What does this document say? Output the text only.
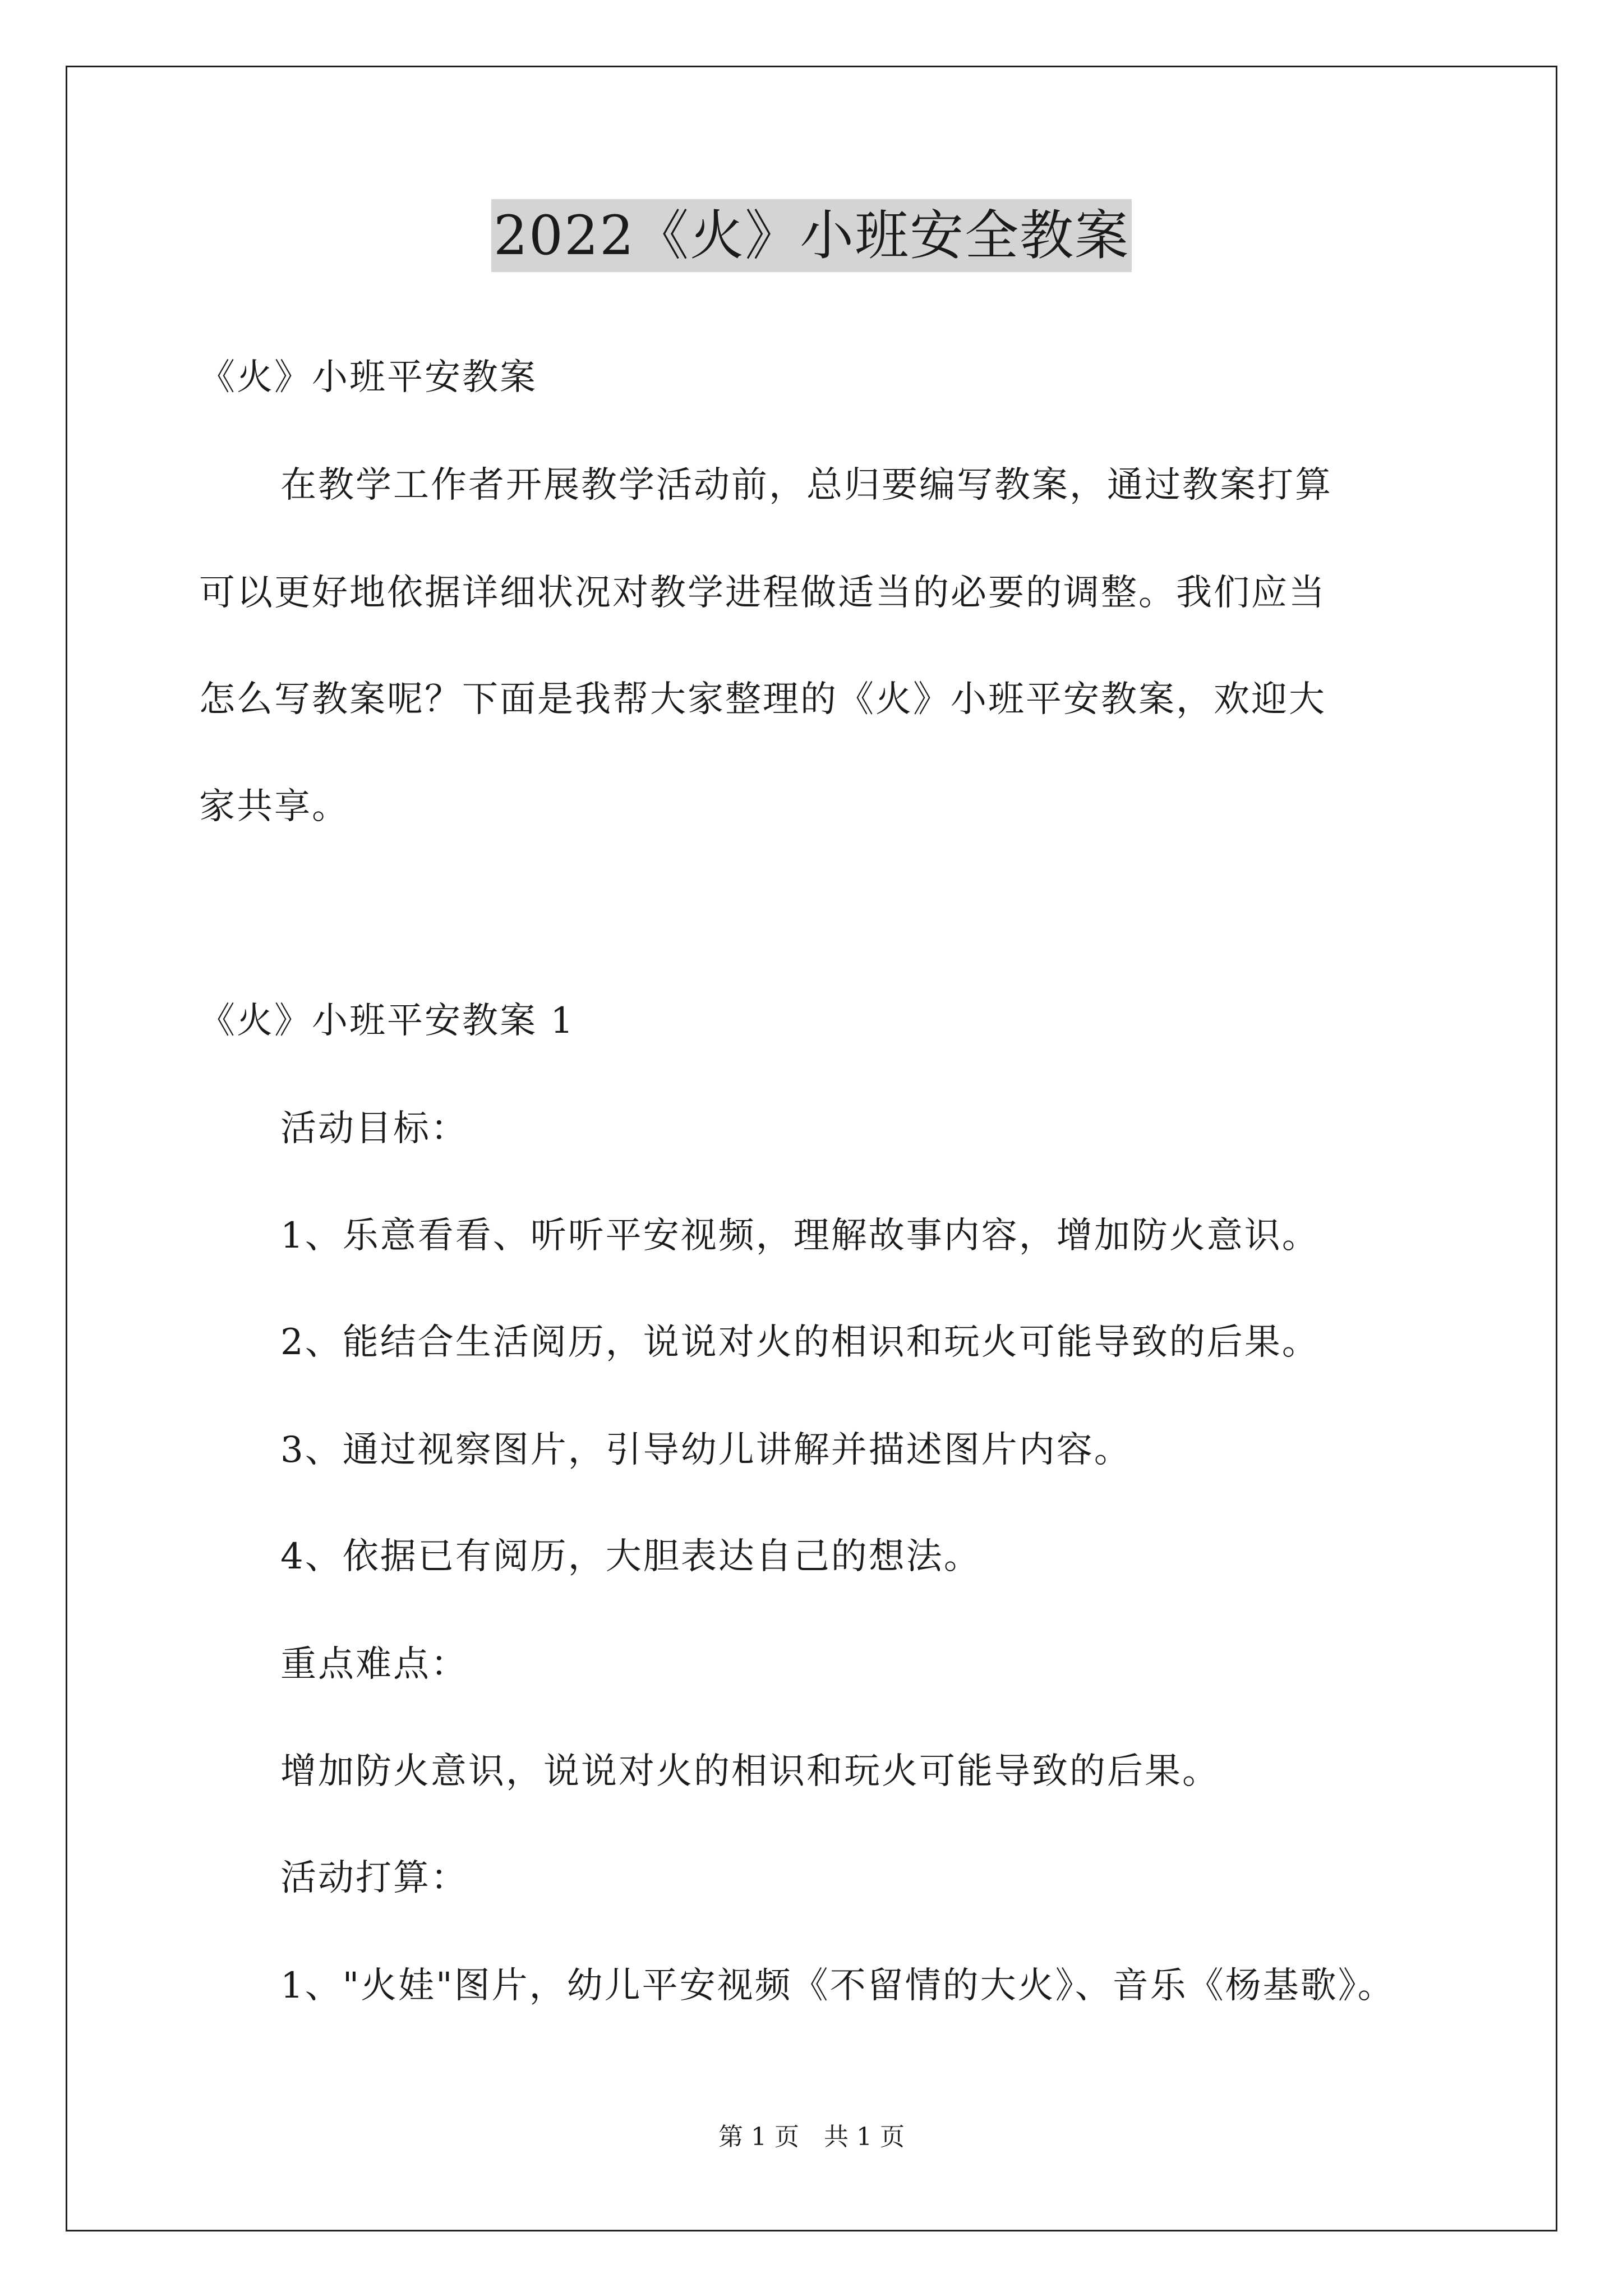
2022《火》小班安全教案
《火》小班平安教案
在教学工作者开展教学活动前，总归要编写教案，通过教案打算
可以更好地依据详细状况对教学进程做适当的必要的调整。我们应当
怎么写教案呢？下面是我帮大家整理的《火》小班平安教案，欢迎大
家共享。
《火》小班平安教案 1
活动目标：
1、乐意看看、听听平安视频，理解故事内容，增加防火意识。
2、能结合生活阅历，说说对火的相识和玩火可能导致的后果。
3、通过视察图片，引导幼儿讲解并描述图片内容。
4、依据已有阅历，大胆表达自己的想法。
重点难点：
增加防火意识，说说对火的相识和玩火可能导致的后果。
活动打算：
1、"火娃"图片，幼儿平安视频《不留情的大火》、音乐《杨基歌》。
第 1 页　共 1 页
